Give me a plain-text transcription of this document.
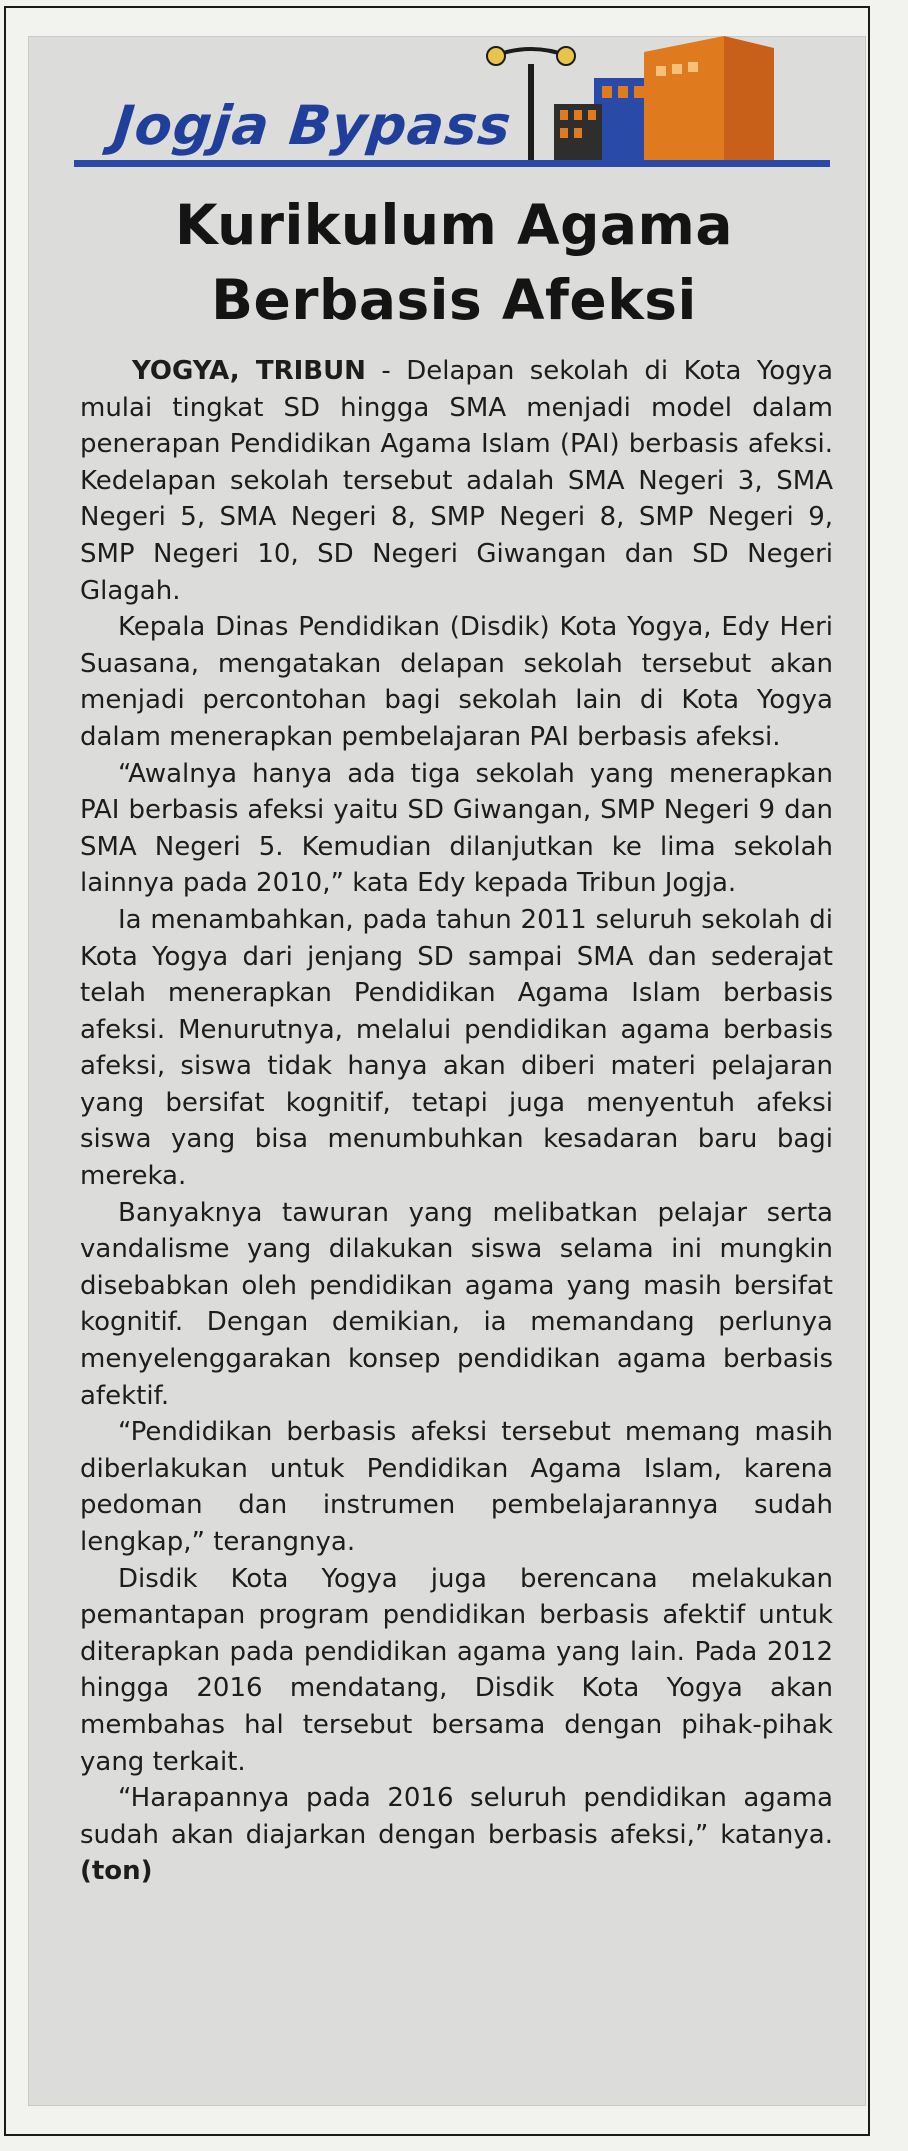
Jogja Bypass
Kurikulum Agama
Berbasis Afeksi

YOGYA, TRIBUN - Delapan sekolah di Kota Yogya mulai tingkat SD hingga SMA menjadi model dalam penerapan Pendidikan Agama Islam (PAI) berbasis afeksi. Kedelapan sekolah tersebut adalah SMA Negeri 3, SMA Negeri 5, SMA Negeri 8, SMP Negeri 8, SMP Negeri 9, SMP Negeri 10, SD Negeri Giwangan dan SD Negeri Glagah.

Kepala Dinas Pendidikan (Disdik) Kota Yogya, Edy Heri Suasana, mengatakan delapan sekolah tersebut akan menjadi percontohan bagi sekolah lain di Kota Yogya dalam menerapkan pembelajaran PAI berbasis afeksi.

“Awalnya hanya ada tiga sekolah yang menerapkan PAI berbasis afeksi yaitu SD Giwangan, SMP Negeri 9 dan SMA Negeri 5. Kemudian dilanjutkan ke lima sekolah lainnya pada 2010,” kata Edy kepada Tribun Jogja.

Ia menambahkan, pada tahun 2011 seluruh sekolah di Kota Yogya dari jenjang SD sampai SMA dan sederajat telah menerapkan Pendidikan Agama Islam berbasis afeksi. Menurutnya, melalui pendidikan agama berbasis afeksi, siswa tidak hanya akan diberi materi pelajaran yang bersifat kognitif, tetapi juga menyentuh afeksi siswa yang bisa menumbuhkan kesadaran baru bagi mereka.

Banyaknya tawuran yang melibatkan pelajar serta vandalisme yang dilakukan siswa selama ini mungkin disebabkan oleh pendidikan agama yang masih bersifat kognitif. Dengan demikian, ia memandang perlunya menyelenggarakan konsep pendidikan agama berbasis afektif.

“Pendidikan berbasis afeksi tersebut memang masih diberlakukan untuk Pendidikan Agama Islam, karena pedoman dan instrumen pembelajarannya sudah lengkap,” terangnya.

Disdik Kota Yogya juga berencana melakukan pemantapan program pendidikan berbasis afektif untuk diterapkan pada pendidikan agama yang lain. Pada 2012 hingga 2016 mendatang, Disdik Kota Yogya akan membahas hal tersebut bersama dengan pihak-pihak yang terkait.

“Harapannya pada 2016 seluruh pendidikan agama sudah akan diajarkan dengan berbasis afeksi,” katanya. (ton)
